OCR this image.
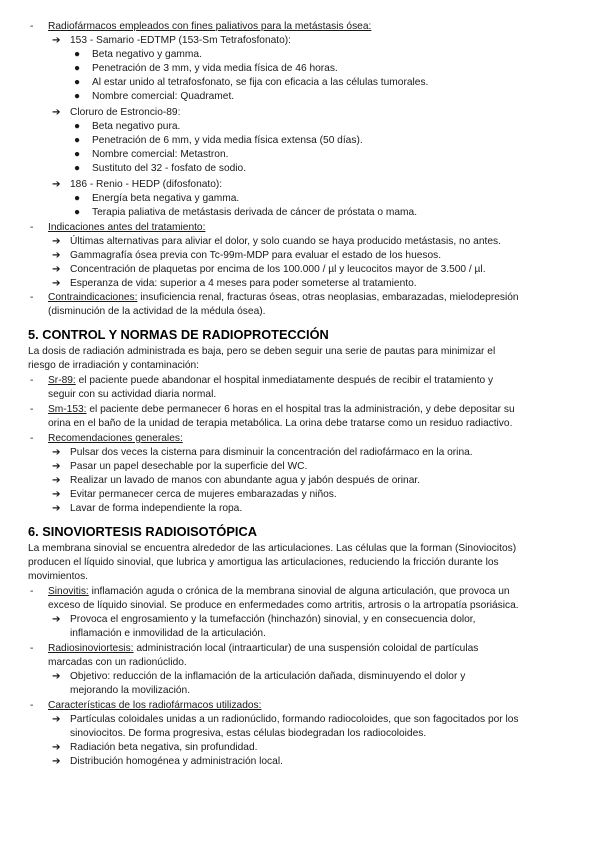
- Radiofármacos empleados con fines paliativos para la metástasis ósea:
➔ 153 - Samario -EDTMP (153-Sm Tetrafosfonato):
● Beta negativo y gamma.
● Penetración de 3 mm, y vida media física de 46 horas.
● Al estar unido al tetrafosfonato, se fija con eficacia a las células tumorales.
● Nombre comercial: Quadramet.
➔ Cloruro de Estroncio-89:
● Beta negativo pura.
● Penetración de 6 mm, y vida media física extensa (50 días).
● Nombre comercial: Metastron.
● Sustituto del 32 - fosfato de sodio.
➔ 186 - Renio - HEDP (difosfonato):
● Energía beta negativa y gamma.
● Terapia paliativa de metástasis derivada de cáncer de próstata o mama.
- Indicaciones antes del tratamiento:
➔ Últimas alternativas para aliviar el dolor, y solo cuando se haya producido metástasis, no antes.
➔ Gammagrafía ósea previa con Tc-99m-MDP para evaluar el estado de los huesos.
➔ Concentración de plaquetas por encima de los 100.000 / µl y leucocitos mayor de 3.500 / µl.
➔ Esperanza de vida: superior a 4 meses para poder someterse al tratamiento.
- Contraindicaciones: insuficiencia renal, fracturas óseas, otras neoplasias, embarazadas, mielodepresión
(disminución de la actividad de la médula ósea).
5. CONTROL Y NORMAS DE RADIOPROTECCIÓN
La dosis de radiación administrada es baja, pero se deben seguir una serie de pautas para minimizar el
riesgo de irradiación y contaminación:
- Sr-89: el paciente puede abandonar el hospital inmediatamente después de recibir el tratamiento y
seguir con su actividad diaria normal.
- Sm-153: el paciente debe permanecer 6 horas en el hospital tras la administración, y debe depositar su
orina en el baño de la unidad de terapia metabólica. La orina debe tratarse como un residuo radiactivo.
- Recomendaciones generales:
➔ Pulsar dos veces la cisterna para disminuir la concentración del radiofármaco en la orina.
➔ Pasar un papel desechable por la superficie del WC.
➔ Realizar un lavado de manos con abundante agua y jabón después de orinar.
➔ Evitar permanecer cerca de mujeres embarazadas y niños.
➔ Lavar de forma independiente la ropa.
6. SINOVIORTESIS RADIOISOTÓPICA
La membrana sinovial se encuentra alrededor de las articulaciones. Las células que la forman (Sinoviocitos)
producen el líquido sinovial, que lubrica y amortigua las articulaciones, reduciendo la fricción durante los
movimientos.
- Sinovitis: inflamación aguda o crónica de la membrana sinovial de alguna articulación, que provoca un
exceso de líquido sinovial. Se produce en enfermedades como artritis, artrosis o la artropatía psoriásica.
➔ Provoca el engrosamiento y la tumefacción (hinchazón) sinovial, y en consecuencia dolor,
inflamación e inmovilidad de la articulación.
- Radiosinoviortesis: administración local (intraarticular) de una suspensión coloidal de partículas
marcadas con un radionúclido.
➔ Objetivo: reducción de la inflamación de la articulación dañada, disminuyendo el dolor y
mejorando la movilización.
- Características de los radiofármacos utilizados:
➔ Partículas coloidales unidas a un radionúclido, formando radiocoloides, que son fagocitados por los
sinoviocitos. De forma progresiva, estas células biodegradan los radiocoloides.
➔ Radiación beta negativa, sin profundidad.
➔ Distribución homogénea y administración local.
